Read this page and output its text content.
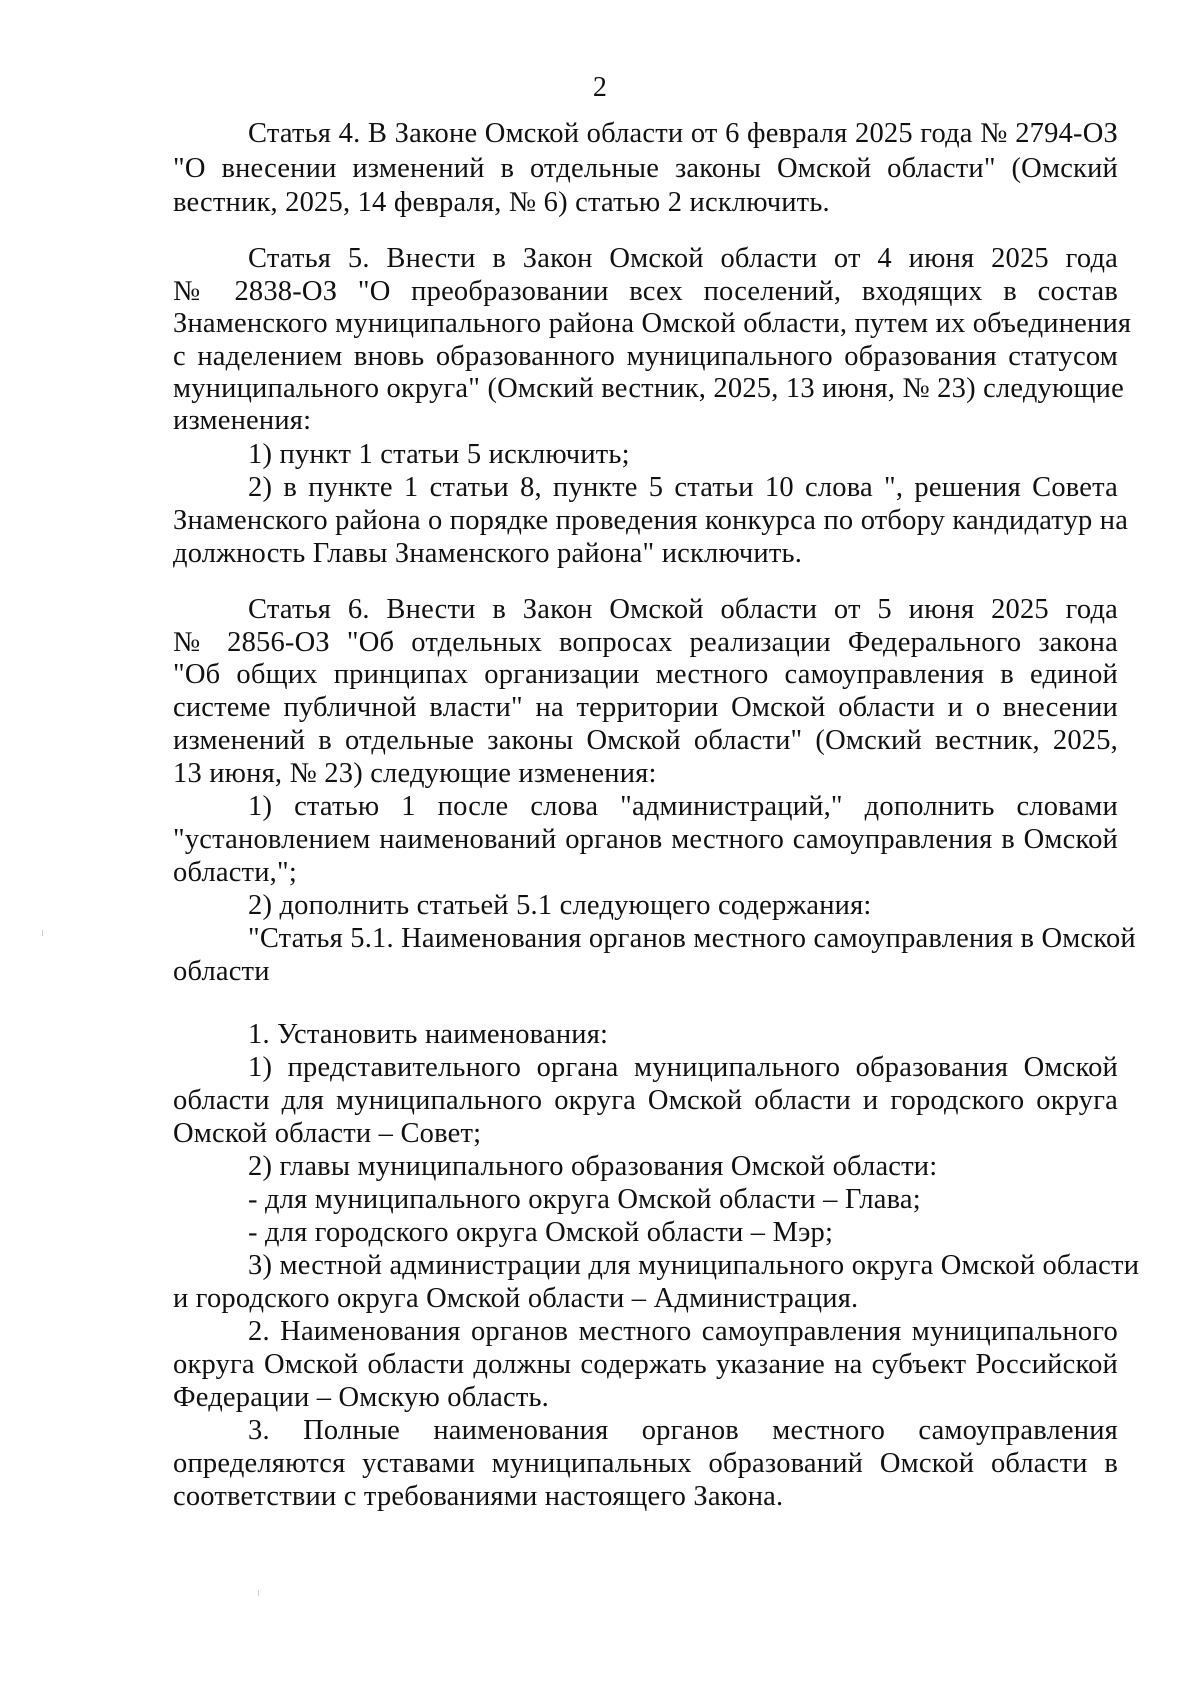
2
Статья 4. В Законе Омской области от 6 февраля 2025 года № 2794-ОЗ
"О внесении изменений в отдельные законы Омской области" (Омский
вестник, 2025, 14 февраля, № 6) статью 2 исключить.
Статья 5. Внести в Закон Омской области от 4 июня 2025 года
№ 2838-ОЗ "О преобразовании всех поселений, входящих в состав
Знаменского муниципального района Омской области, путем их объединения
с наделением вновь образованного муниципального образования статусом
муниципального округа" (Омский вестник, 2025, 13 июня, № 23) следующие
изменения:
1) пункт 1 статьи 5 исключить;
2) в пункте 1 статьи 8, пункте 5 статьи 10 слова ", решения Совета
Знаменского района о порядке проведения конкурса по отбору кандидатур на
должность Главы Знаменского района" исключить.
Статья 6. Внести в Закон Омской области от 5 июня 2025 года
№ 2856-ОЗ "Об отдельных вопросах реализации Федерального закона
"Об общих принципах организации местного самоуправления в единой
системе публичной власти" на территории Омской области и о внесении
изменений в отдельные законы Омской области" (Омский вестник, 2025,
13 июня, № 23) следующие изменения:
1) статью 1 после слова "администраций," дополнить словами
"установлением наименований органов местного самоуправления в Омской
области,";
2) дополнить статьей 5.1 следующего содержания:
"Статья 5.1. Наименования органов местного самоуправления в Омской
области
1. Установить наименования:
1) представительного органа муниципального образования Омской
области для муниципального округа Омской области и городского округа
Омской области – Совет;
2) главы муниципального образования Омской области:
- для муниципального округа Омской области – Глава;
- для городского округа Омской области – Мэр;
3) местной администрации для муниципального округа Омской области
и городского округа Омской области – Администрация.
2. Наименования органов местного самоуправления муниципального
округа Омской области должны содержать указание на субъект Российской
Федерации – Омскую область.
3. Полные наименования органов местного самоуправления
определяются уставами муниципальных образований Омской области в
соответствии с требованиями настоящего Закона.
